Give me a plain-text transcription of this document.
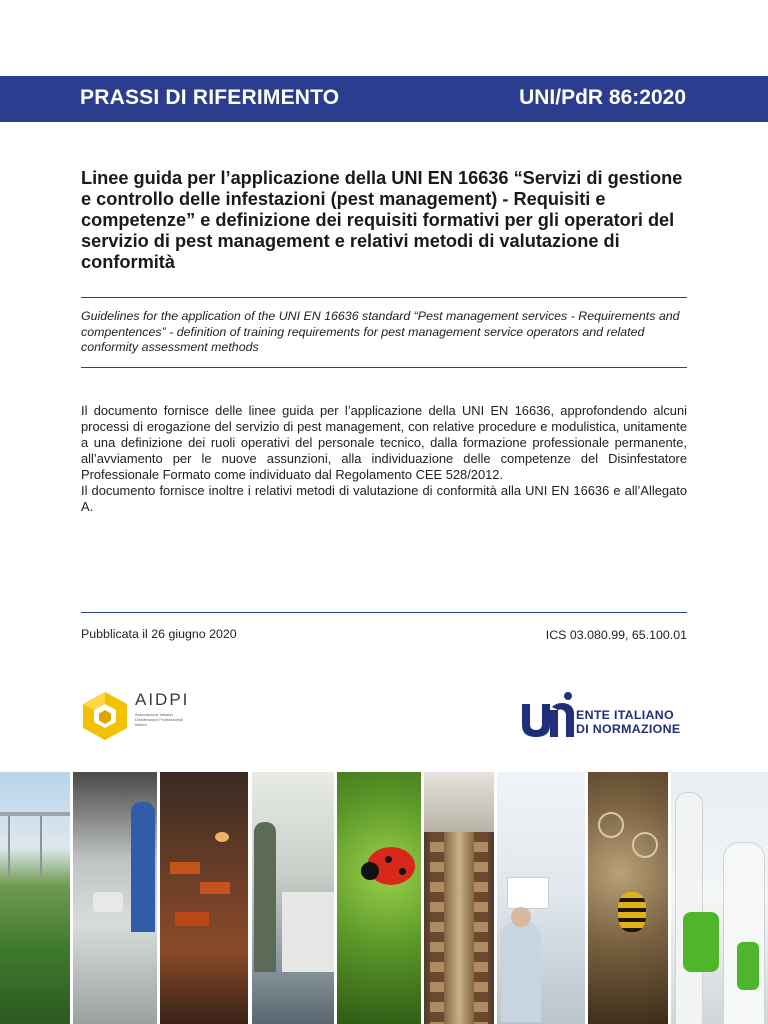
PRASSI DI RIFERIMENTO	UNI/PdR 86:2020
Linee guida per l’applicazione della UNI EN 16636 “Servizi di gestione e controllo delle infestazioni (pest management) - Requisiti e competenze” e definizione dei requisiti formativi per gli operatori del servizio di pest management e relativi metodi di valutazione di conformità
Guidelines for the application of the UNI EN 16636 standard “Pest management services - Requirements and compentences” - definition of training requirements for pest management service operators and related conformity assessment methods

Il documento fornisce delle linee guida per l’applicazione della UNI EN 16636, approfondendo alcuni processi di erogazione del servizio di pest management, con relative procedure e modulistica, unitamente a una definizione dei ruoli operativi del personale tecnico, dalla formazione professionale permanente, all’avviamento per le nuove assunzioni, alla individuazione delle competenze del Disinfestatore Professionale Formato come individuato dal Regolamento CEE 528/2012.

Il documento fornisce inoltre i relativi metodi di valutazione di conformità alla UNI EN 16636 e all’Allegato A.

Pubblicata il 26 giugno 2020	ICS 03.080.99, 65.100.01
AIDPI
Associazione Italiana Disinfestatori Professionisti Italiani
ENTE ITALIANO
DI NORMAZIONE
